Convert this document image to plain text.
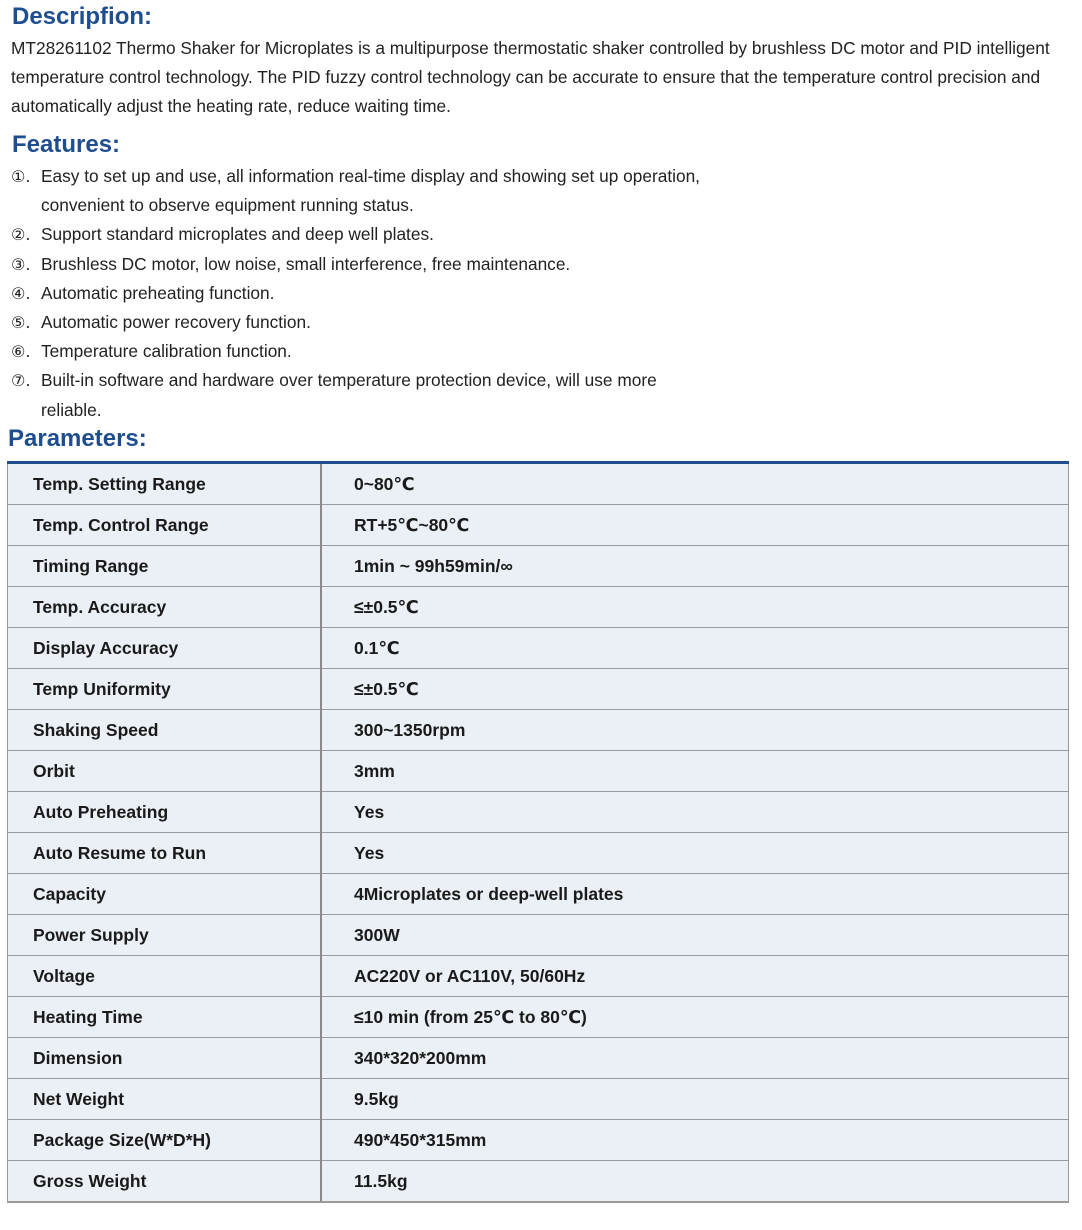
Descripfion:

MT28261102 Thermo Shaker for Microplates is a multipurpose thermostatic shaker controlled by brushless DC motor and PID intelligent temperature control technology. The PID fuzzy control technology can be accurate to ensure that the temperature control precision and automatically adjust the heating rate, reduce waiting time.

Features:
①. Easy to set up and use, all information real-time display and showing set up operation, convenient to observe equipment running status.
②. Support standard microplates and deep well plates.
③. Brushless DC motor, low noise, small interference, free maintenance.
④. Automatic preheating function.
⑤. Automatic power recovery function.
⑥. Temperature calibration function.
⑦. Built-in software and hardware over temperature protection device, will use more reliable.
Parameters:
Temp. Setting Range	0~80℃
Temp. Control Range	RT+5℃~80℃
Timing Range	1min ~ 99h59min/∞
Temp. Accuracy	≤±0.5℃
Display Accuracy	0.1℃
Temp Uniformity	≤±0.5℃
Shaking Speed	300~1350rpm
Orbit	3mm
Auto Preheating	Yes
Auto Resume to Run	Yes
Capacity	4Microplates or deep-well plates
Power Supply	300W
Voltage	AC220V or AC110V, 50/60Hz
Heating Time	≤10 min (from 25℃ to 80℃)
Dimension	340*320*200mm
Net Weight	9.5kg
Package Size(W*D*H)	490*450*315mm
Gross Weight	11.5kg
